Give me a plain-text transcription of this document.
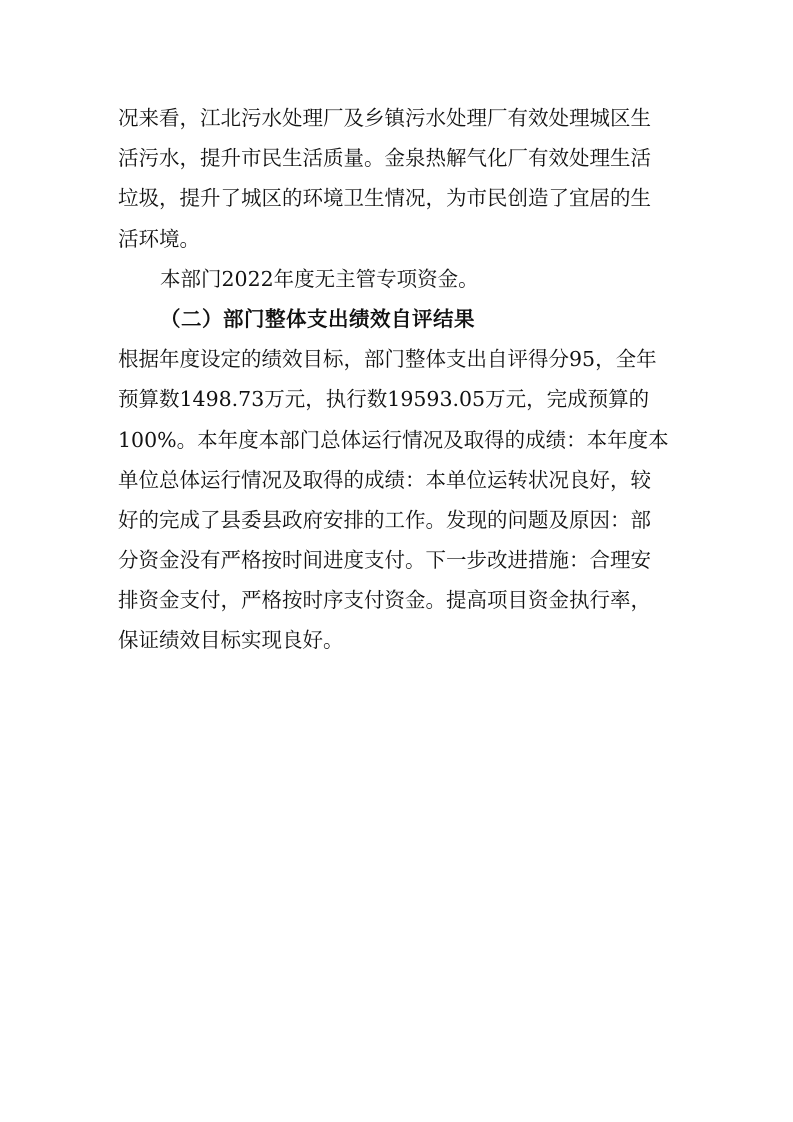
况来看，江北污水处理厂及乡镇污水处理厂有效处理城区生
活污水，提升市民生活质量。金泉热解气化厂有效处理生活
垃圾，提升了城区的环境卫生情况，为市民创造了宜居的生
活环境。
本部门2022年度无主管专项资金。
（二）部门整体支出绩效自评结果
根据年度设定的绩效目标，部门整体支出自评得分95，全年
预算数1498.73万元，执行数19593.05万元，完成预算的
100%。本年度本部门总体运行情况及取得的成绩：本年度本
单位总体运行情况及取得的成绩：本单位运转状况良好，较
好的完成了县委县政府安排的工作。发现的问题及原因：部
分资金没有严格按时间进度支付。下一步改进措施：合理安
排资金支付，严格按时序支付资金。提高项目资金执行率，
保证绩效目标实现良好。
